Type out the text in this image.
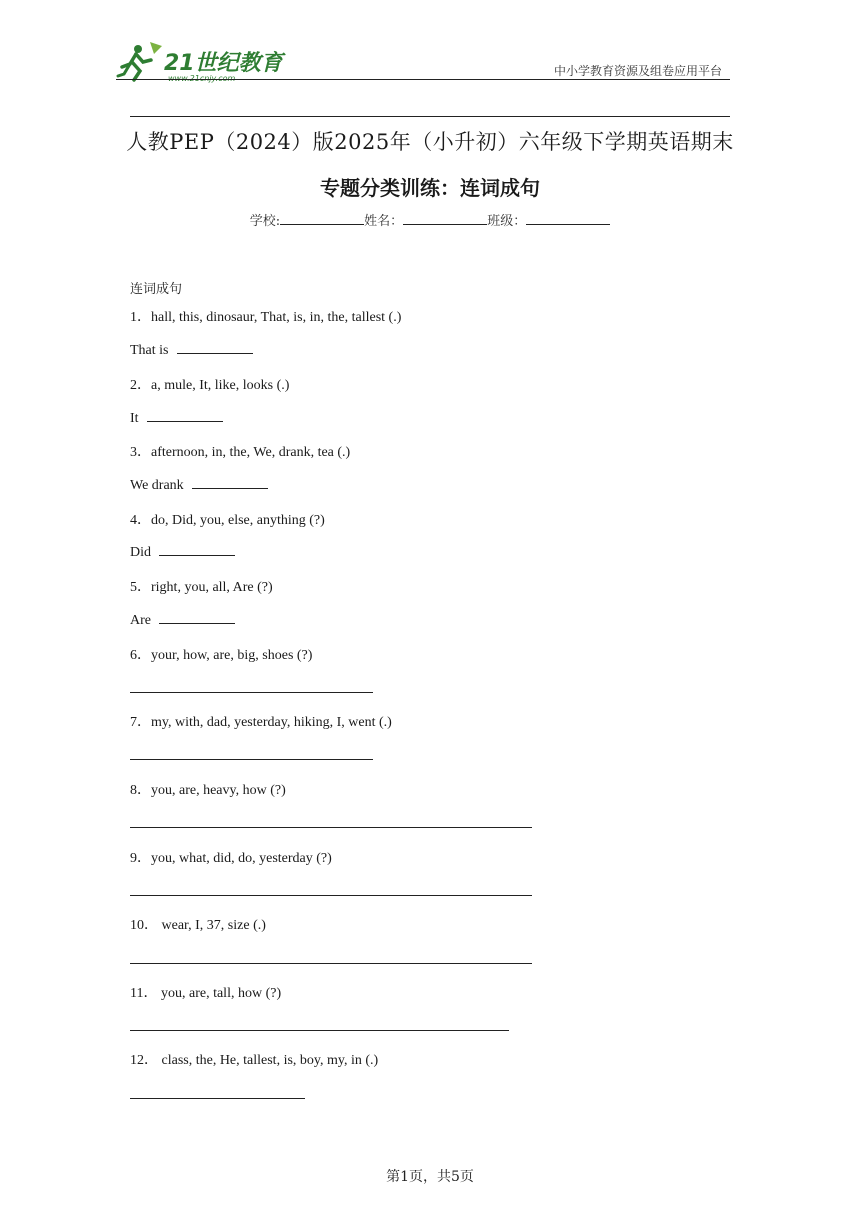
21世纪教育	中小学教育资源及组卷应用平台
人教PEP（2024）版2025年（小升初）六年级下学期英语期末
专题分类训练：连词成句
学校:	姓名：	班级：
连词成句
1．hall, this, dinosaur, That, is, in, the, tallest (.)
That is
2．a, mule, It, like, looks (.)
It
3．afternoon, in, the, We, drank, tea (.)
We drank
4．do, Did, you, else, anything (?)
Did
5．right, you, all, Are (?)
Are
6．your, how, are, big, shoes (?)
7．my, with, dad, yesterday, hiking, I, went (.)
8．you, are, heavy, how (?)
9．you, what, did, do, yesterday (?)
10． wear, I, 37, size (.)
11． you, are, tall, how (?)
12． class, the, He, tallest, is, boy, my, in (.)
第1页，共5页
